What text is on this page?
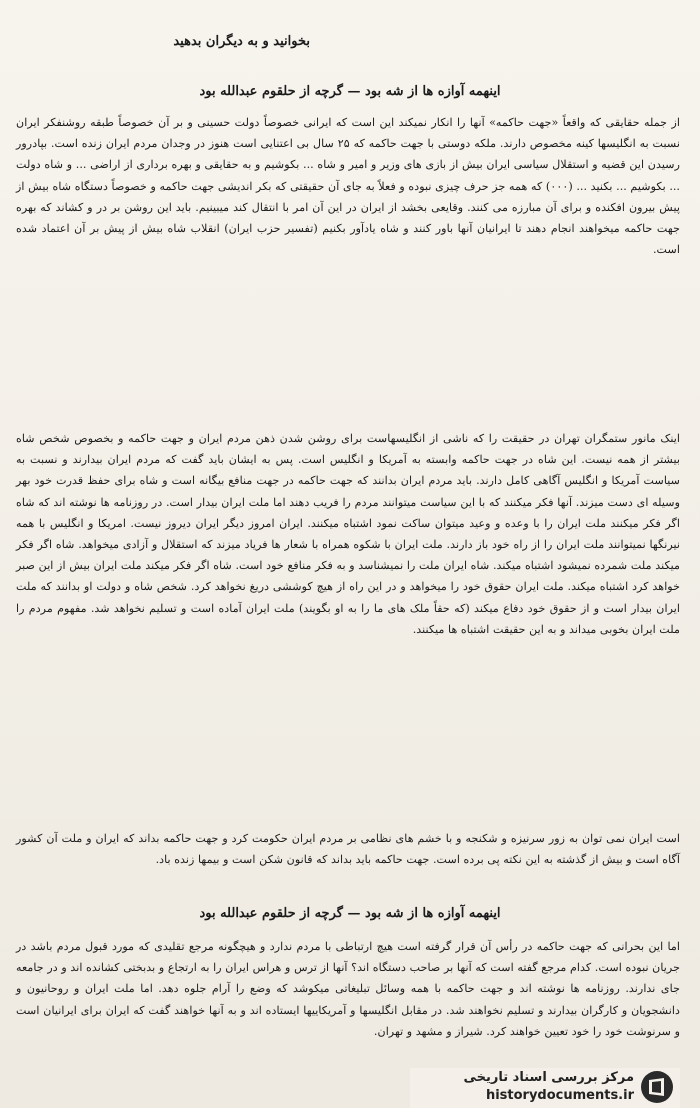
بخوانید و به دیگران بدهید
اینهمه آوازه ها از شه بود — گرچه از حلقوم عبدالله بود

از جمله حقایقی که واقعاً «جهت حاکمه» آنها را انکار نمیکند این است که ایرانی خصوصاً دولت حسینی و بر آن خصوصاً طبقه روشنفکر ایران نسبت به انگلیسها کینه مخصوص دارند. ملکه دوستی با جهت حاکمه که ۲۵ سال بی اعتنایی است هنوز در وجدان مردم ایران زنده است. بپادرور رسیدن این قضیه و استقلال سیاسی ایران بیش از بازی های وزیر و امیر و شاه ... بکوشیم و به حقایقی و بهره برداری از اراضی ... و شاه دولت ... بکوشیم ... بکنید ... (۰۰۰) که همه جز حرف چیزی نبوده و فعلاً به جای آن حقیقتی که بکر اندیشی جهت حاکمه و خصوصاً دستگاه شاه بیش از پیش بیرون افکنده و برای آن مبارزه می کنند. وقایعی بخشد از ایران در این آن امر با انتقال کند میبینیم. باید این روشن بر در و کشاند که بهره جهت حاکمه میخواهند انجام دهند تا ایرانیان آنها باور کنند و شاه یادآور بکنیم (تفسیر حزب ایران) انقلاب شاه بیش از پیش بر آن اعتماد شده است.

اینک مانور ستمگران تهران در حقیقت را که ناشی از انگلیسهاست برای روشن شدن ذهن مردم ایران و جهت حاکمه و بخصوص شخص شاه بیشتر از همه نیست. این شاه در جهت حاکمه وابسته به آمریکا و انگلیس است. پس به ایشان باید گفت که مردم ایران بیدارند و نسبت به سیاست آمریکا و انگلیس آگاهی کامل دارند. باید مردم ایران بدانند که جهت حاکمه در جهت منافع بیگانه است و شاه برای حفظ قدرت خود بهر وسیله ای دست میزند. آنها فکر میکنند که با این سیاست میتوانند مردم را فریب دهند اما ملت ایران بیدار است. در روزنامه ها نوشته اند که شاه اگر فکر میکنند ملت ایران را با وعده و وعید میتوان ساکت نمود اشتباه میکنند. ایران امروز دیگر ایران دیروز نیست. امریکا و انگلیس با همه نیرنگها نمیتوانند ملت ایران را از راه خود باز دارند. ملت ایران با شکوه همراه با شعار ها فریاد میزند که استقلال و آزادی میخواهد. شاه اگر فکر میکند ملت شمرده نمیشود اشتباه میکند. شاه ایران ملت را نمیشناسد و به فکر منافع خود است. شاه اگر فکر میکند ملت ایران بیش از این صبر خواهد کرد اشتباه میکند. ملت ایران حقوق خود را میخواهد و در این راه از هیچ کوششی دریغ نخواهد کرد. شخص شاه و دولت او بدانند که ملت ایران بیدار است و از حقوق خود دفاع میکند (که حقاً ملک های ما را به او بگویند) ملت ایران آماده است و تسلیم نخواهد شد. مفهوم مردم را ملت ایران بخوبی میداند و به این حقیقت اشتباه ها میکنند.

است ایران نمی توان به زور سرنیزه و شکنجه و با خشم های نظامی بر مردم ایران حکومت کرد و جهت حاکمه بداند که ایران و ملت آن کشور آگاه است و بیش از گذشته به این نکته پی برده است. جهت حاکمه باید بداند که قانون شکن است و بیمها زنده باد.

اینهمه آوازه ها از شه بود — گرچه از حلقوم عبدالله بود

اما این بحرانی که جهت حاکمه در رأس آن قرار گرفته است هیچ ارتباطی با مردم ندارد و هیچگونه مرجع تقلیدی که مورد قبول مردم باشد در جریان نبوده است. کدام مرجع گفته است که آنها بر صاحب دستگاه اند؟ آنها از ترس و هراس ایران را به ارتجاع و بدبختی کشانده اند و در جامعه جای ندارند. روزنامه ها نوشته اند و جهت حاکمه با همه وسائل تبلیغاتی میکوشد که وضع را آرام جلوه دهد. اما ملت ایران و روحانیون و دانشجویان و کارگران بیدارند و تسلیم نخواهند شد. در مقابل انگلیسها و آمریکاییها ایستاده اند و به آنها خواهند گفت که ایران برای ایرانیان است و سرنوشت خود را خود تعیین خواهند کرد. شیراز و مشهد و تهران.

مرکز بررسی اسناد تاریخی
historydocuments.ir
